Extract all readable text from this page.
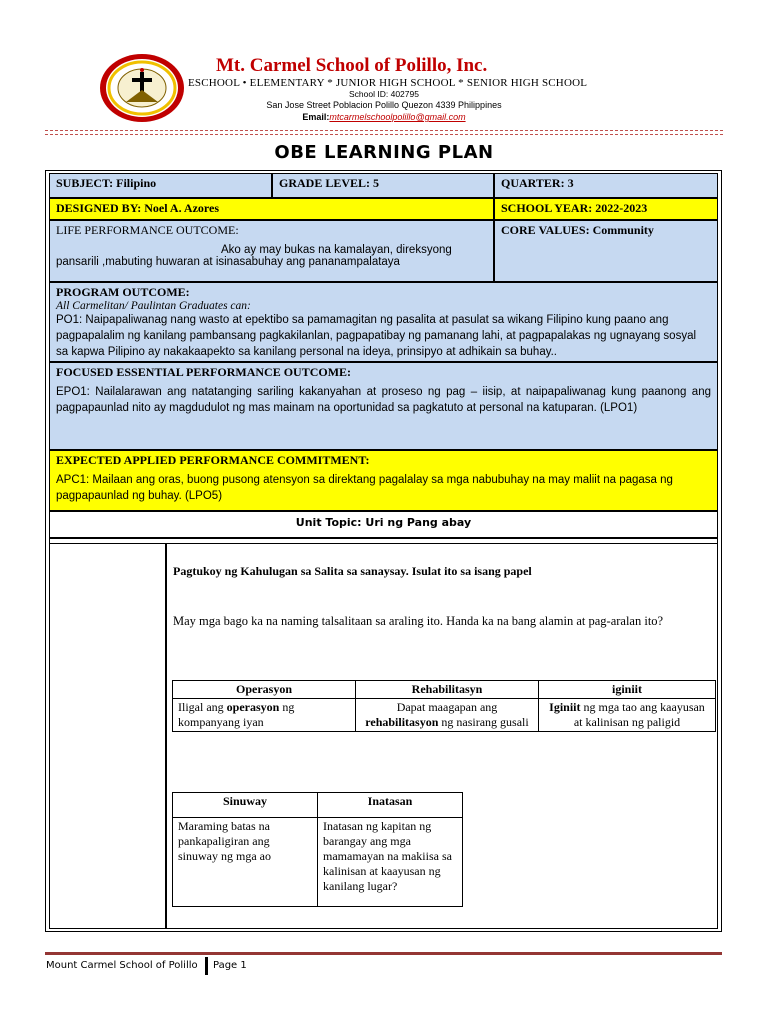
Mt. Carmel School of Polillo, Inc.
ESCHOOL • ELEMENTARY * JUNIOR HIGH SCHOOL * SENIOR HIGH SCHOOL
School ID: 402795
San Jose Street Poblacion Polillo Quezon 4339 Philippines
Email:mtcarmelschoolpolillo@gmail.com
OBE LEARNING PLAN
SUBJECT: Filipino	GRADE LEVEL: 5	QUARTER: 3
DESIGNED BY: Noel A. Azores	SCHOOL YEAR: 2022-2023
LIFE PERFORMANCE OUTCOME:
Ako ay may bukas na kamalayan, direksyong
pansarili ,mabuting huwaran at isinasabuhay ang pananampalataya
CORE VALUES: Community
PROGRAM OUTCOME:
All Carmelitan/ Paulintan Graduates can:
PO1: Naipapaliwanag nang wasto at epektibo sa pamamagitan ng pasalita at pasulat sa wikang Filipino kung paano ang pagpapalalim ng kanilang pambansang pagkakilanlan, pagpapatibay ng pamanang lahi, at pagpapalakas ng ugnayang sosyal sa kapwa Pilipino ay nakakaapekto sa kanilang personal na ideya, prinsipyo at adhikain sa buhay..
FOCUSED ESSENTIAL PERFORMANCE OUTCOME:
EPO1: Nailalarawan ang natatanging sariling kakanyahan at proseso ng pag – iisip, at naipapaliwanag kung paanong ang pagpapaunlad nito ay magdudulot ng mas mainam na oportunidad sa pagkatuto at personal na katuparan. (LPO1)
EXPECTED APPLIED PERFORMANCE COMMITMENT:
APC1: Mailaan ang oras, buong pusong atensyon sa direktang pagalalay sa mga nabubuhay na may maliit na pagasa ng pagpapaunlad ng buhay. (LPO5)
Unit Topic: Uri ng Pang abay
Pagtukoy ng Kahulugan sa Salita sa sanaysay. Isulat ito sa isang papel
May mga bago ka na naming talsalitaan sa araling ito. Handa ka na bang alamin at pag-aralan ito?
Operasyon	Rehabilitasyn	iginiit
Iligal ang operasyon ng kompanyang iyan	Dapat maagapan ang rehabilitasyon ng nasirang gusali	Iginiit ng mga tao ang kaayusan at kalinisan ng paligid
Sinuway	Inatasan
Maraming batas na pankapaligiran ang sinuway ng mga ao	Inatasan ng kapitan ng barangay ang mga mamamayan na makiisa sa kalinisan at kaayusan ng kanilang lugar?
Mount Carmel School of Polillo Page 1
